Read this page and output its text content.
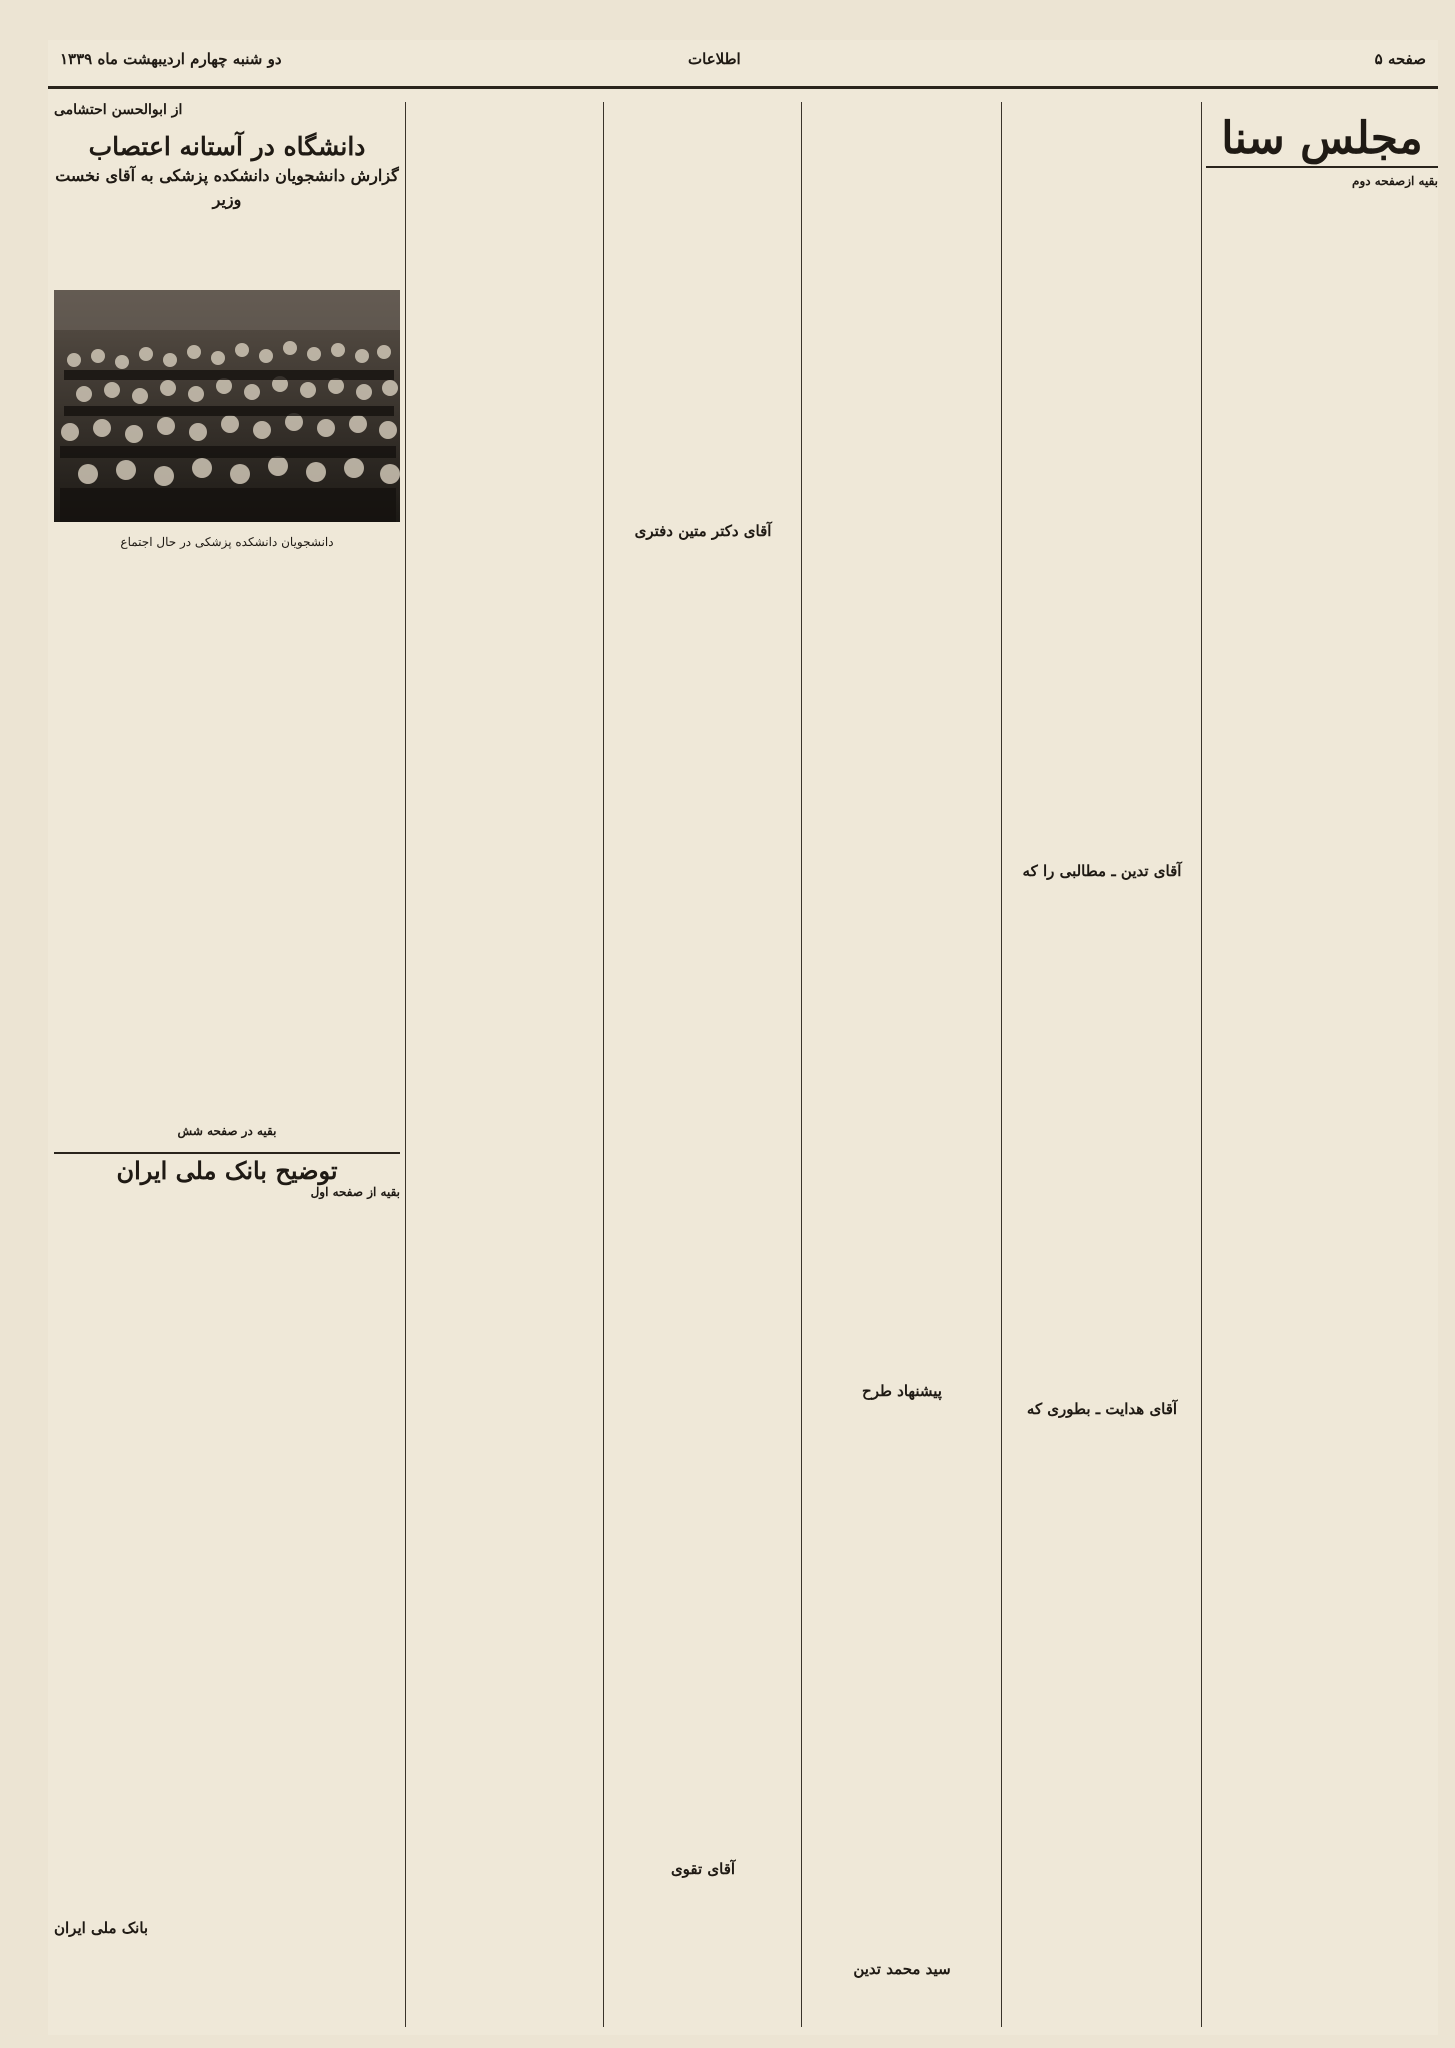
صفحه ۵
اطلاعات
دو شنبه چهارم اردیبهشت ماه ۱۳۳۹
مجلس سنا
بقیه ازصفحه دوم
آقای تدین ـ مطالبی را که
آقای هدایت ـ بطوری که
پیشنهاد طرح
سید محمد تدین
آقای دکتر متین دفتری
آقای تقوی
از ابوالحسن احتشامی
دانشگاه در آستانه اعتصاب
گزارش دانشجویان دانشکده پزشکی به آقای نخست وزیر
دانشجویان دانشکده پزشکی در حال اجتماع
بقیه در صفحه شش
توضیح بانک ملی ایران
بقیه از صفحه اول
بانک ملی ایران
